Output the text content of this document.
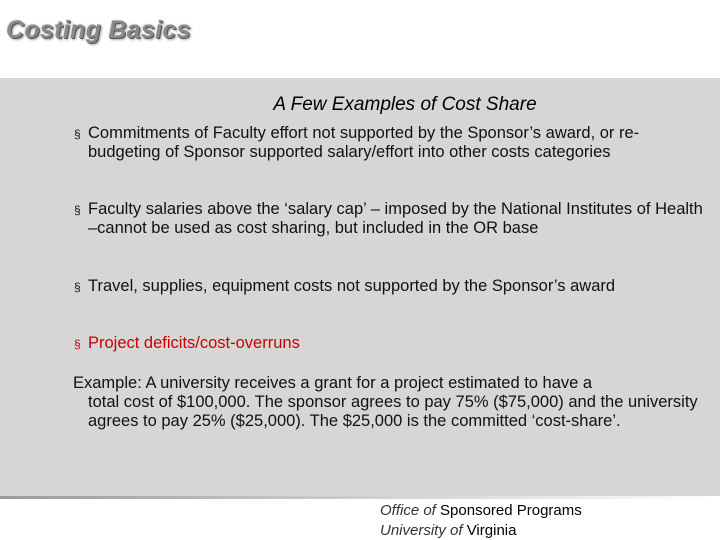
Costing Basics
A Few Examples of Cost Share
§ Commitments of Faculty effort not supported by the Sponsor’s award, or re-budgeting of Sponsor supported salary/effort into other costs categories
§ Faculty salaries above the ‘salary cap’ – imposed by the National Institutes of Health –cannot be used as cost sharing, but included in the OR base
§ Travel, supplies, equipment costs not supported by the Sponsor’s award
§ Project deficits/cost-overruns
Example: A university receives a grant for a project estimated to have a
total cost of $100,000. The sponsor agrees to pay 75% ($75,000) and the university agrees to pay 25% ($25,000). The $25,000 is the committed ‘cost-share’.
Office of Sponsored Programs
University of Virginia
